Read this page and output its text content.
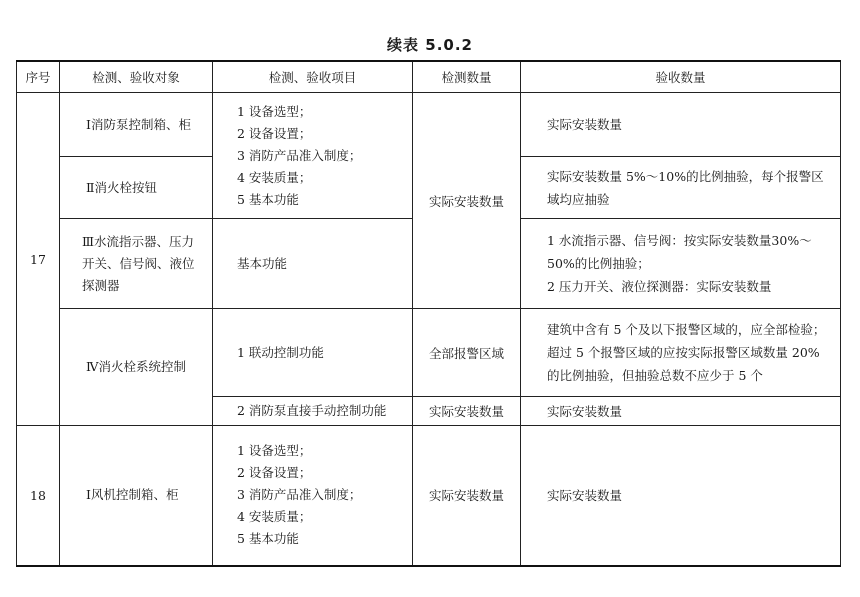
续表 5.0.2
序号	检测、验收对象	检测、验收项目	检测数量	验收数量
17	Ⅰ消防泵控制箱、柜	1 设备选型；
2 设备设置；
3 消防产品准入制度；
4 安装质量；
5 基本功能	实际安装数量	实际安装数量
	Ⅱ消火栓按钮			实际安装数量 5%～10%的比例抽验，每个报警区域均应抽验
	Ⅲ水流指示器、压力开关、信号阀、液位探测器	基本功能		1 水流指示器、信号阀：按实际安装数量30%～50%的比例抽验；
2 压力开关、液位探测器：实际安装数量

	Ⅳ消火栓系统控制	1 联动控制功能	全部报警区域	建筑中含有 5 个及以下报警区域的，应全部检验；超过 5 个报警区域的应按实际报警区域数量 20%的比例抽验，但抽验总数不应少于 5 个
		2 消防泵直接手动控制功能	实际安装数量	实际安装数量
18	Ⅰ风机控制箱、柜	1 设备选型；
2 设备设置；
3 消防产品准入制度；
4 安装质量；
5 基本功能	实际安装数量	实际安装数量
